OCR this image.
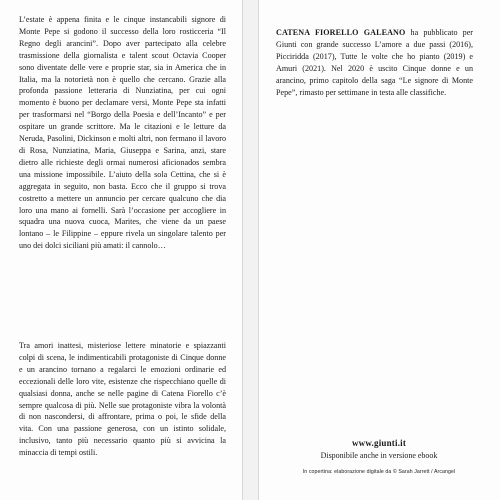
L’estate è appena finita e le cinque instancabili signore di Monte Pepe si godono il successo della loro rosticceria “Il Regno degli arancini”. Dopo aver partecipato alla celebre trasmissione della giornalista e talent scout Octavia Cooper sono diventate delle vere e proprie star, sia in America che in Italia, ma la notorietà non è quello che cercano. Grazie alla profonda passione letteraria di Nunziatina, per cui ogni momento è buono per declamare versi, Monte Pepe sta infatti per trasformarsi nel “Borgo della Poesia e dell’Incanto” e per ospitare un grande scrittore. Ma le citazioni e le letture da Neruda, Pasolini, Dickinson e molti altri, non fermano il lavoro di Rosa, Nunziatina, Maria, Giuseppa e Sarina, anzi, stare dietro alle richieste degli ormai numerosi aficionados sembra una missione impossibile. L’aiuto della sola Cettina, che si è aggregata in seguito, non basta. Ecco che il gruppo si trova costretto a mettere un annuncio per cercare qualcuno che dia loro una mano ai fornelli. Sarà l’occasione per accogliere in squadra una nuova cuoca, Marites, che viene da un paese lontano – le Filippine – eppure rivela un singolare talento per uno dei dolci siciliani più amati: il cannolo…
Tra amori inattesi, misteriose lettere minatorie e spiazzanti colpi di scena, le indimenticabili protagoniste di Cinque donne e un arancino tornano a regalarci le emozioni ordinarie ed eccezionali delle loro vite, esistenze che rispecchiano quelle di qualsiasi donna, anche se nelle pagine di Catena Fiorello c’è sempre qualcosa di più. Nelle sue protagoniste vibra la volontà di non nascondersi, di affrontare, prima o poi, le sfide della vita. Con una passione generosa, con un istinto solidale, inclusivo, tanto più necessario quanto più si avvicina la minaccia di tempi ostili.
CATENA FIORELLO GALEANO ha pubblicato per Giunti con grande successo L’amore a due passi (2016), Picciridda (2017), Tutte le volte che ho pianto (2019) e Amuri (2021). Nel 2020 è uscito Cinque donne e un arancino, primo capitolo della saga “Le signore di Monte Pepe”, rimasto per settimane in testa alle classifiche.
www.giunti.it
Disponibile anche in versione ebook
In copertina: elaborazione digitale da © Sarah Jarrett / Arcangel
